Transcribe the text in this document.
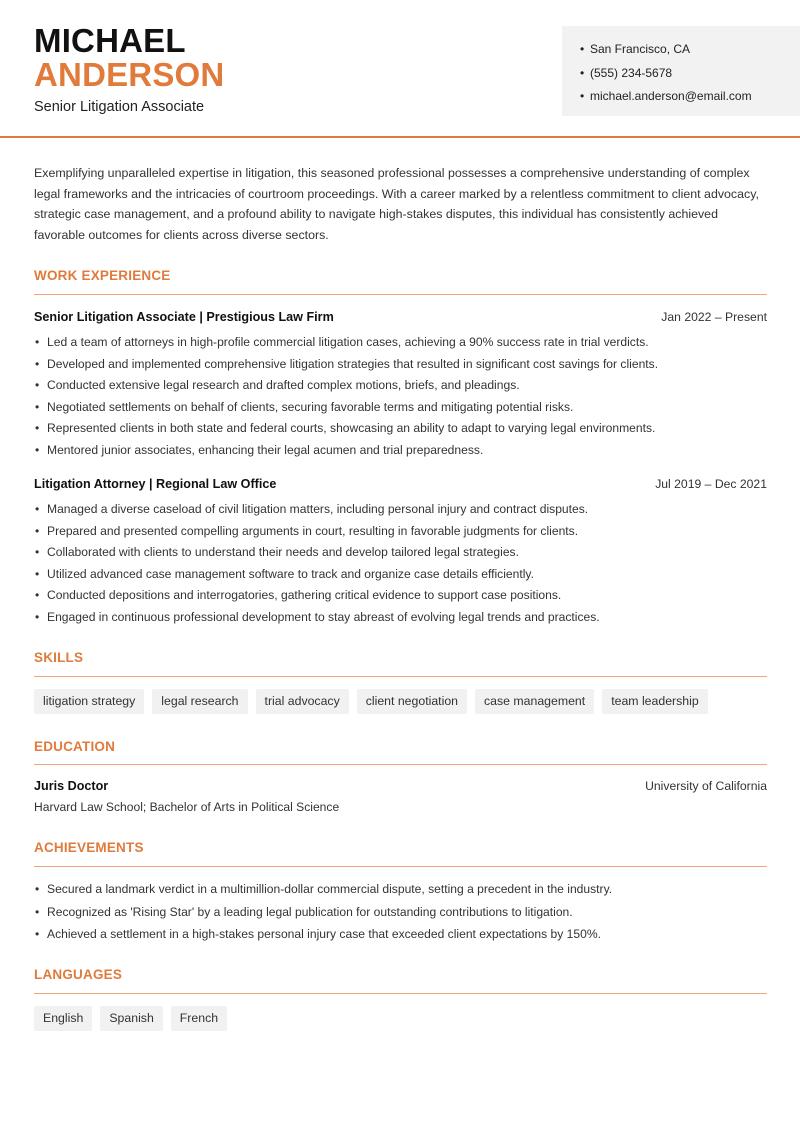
MICHAEL
ANDERSON
Senior Litigation Associate
• San Francisco, CA
• (555) 234-5678
• michael.anderson@email.com

Exemplifying unparalleled expertise in litigation, this seasoned professional possesses a comprehensive understanding of complex legal frameworks and the intricacies of courtroom proceedings. With a career marked by a relentless commitment to client advocacy, strategic case management, and a profound ability to navigate high-stakes disputes, this individual has consistently achieved favorable outcomes for clients across diverse sectors.

WORK EXPERIENCE
Senior Litigation Associate | Prestigious Law Firm	Jan 2022 – Present
• Led a team of attorneys in high-profile commercial litigation cases, achieving a 90% success rate in trial verdicts.
• Developed and implemented comprehensive litigation strategies that resulted in significant cost savings for clients.
• Conducted extensive legal research and drafted complex motions, briefs, and pleadings.
• Negotiated settlements on behalf of clients, securing favorable terms and mitigating potential risks.
• Represented clients in both state and federal courts, showcasing an ability to adapt to varying legal environments.
• Mentored junior associates, enhancing their legal acumen and trial preparedness.
Litigation Attorney | Regional Law Office	Jul 2019 – Dec 2021
• Managed a diverse caseload of civil litigation matters, including personal injury and contract disputes.
• Prepared and presented compelling arguments in court, resulting in favorable judgments for clients.
• Collaborated with clients to understand their needs and develop tailored legal strategies.
• Utilized advanced case management software to track and organize case details efficiently.
• Conducted depositions and interrogatories, gathering critical evidence to support case positions.
• Engaged in continuous professional development to stay abreast of evolving legal trends and practices.
SKILLS
litigation strategy	legal research	trial advocacy	client negotiation	case management	team leadership
EDUCATION
Juris Doctor	University of California
Harvard Law School; Bachelor of Arts in Political Science
ACHIEVEMENTS
• Secured a landmark verdict in a multimillion-dollar commercial dispute, setting a precedent in the industry.
• Recognized as 'Rising Star' by a leading legal publication for outstanding contributions to litigation.
• Achieved a settlement in a high-stakes personal injury case that exceeded client expectations by 150%.
LANGUAGES
English	Spanish	French
